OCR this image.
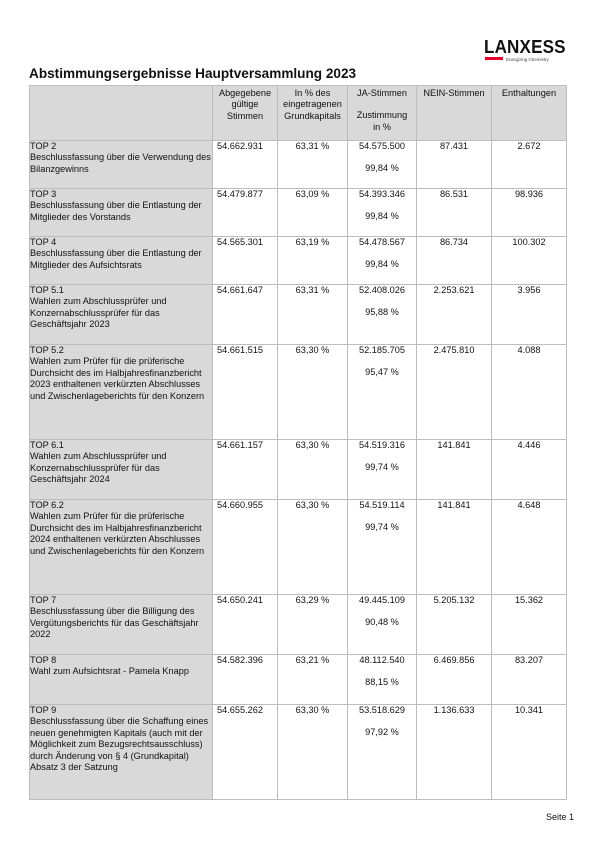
LANXESS
Energizing Chemistry
Abstimmungsergebnisse Hauptversammlung 2023

	Abgegebene
gültige
Stimmen	In % des
eingetragenen
Grundkapitals	JA-Stimmen
Zustimmung
in %	NEIN-Stimmen	Enthaltungen

TOP 2
Beschlussfassung über die Verwendung des Bilanzgewinns	54.662.931	63,31 %	54.575.500
99,84 %	87.431	2.672

TOP 3
Beschlussfassung über die Entlastung der Mitglieder des Vorstands	54.479.877	63,09 %	54.393.346
99,84 %	86.531	98.936

TOP 4
Beschlussfassung über die Entlastung der Mitglieder des Aufsichtsrats	54.565.301	63,19 %	54.478.567
99,84 %	86.734	100.302

TOP 5.1
Wahlen zum Abschlussprüfer und Konzernabschlussprüfer für das Geschäftsjahr 2023	54.661.647	63,31 %	52.408.026
95,88 %	2.253.621	3.956

TOP 5.2
Wahlen zum Prüfer für die prüferische Durchsicht des im Halbjahresfinanzbericht 2023 enthaltenen verkürzten Abschlusses und Zwischenlageberichts für den Konzern	54.661.515	63,30 %	52.185.705
95,47 %	2.475.810	4.088

TOP 6.1
Wahlen zum Abschlussprüfer und Konzernabschlussprüfer für das Geschäftsjahr 2024	54.661.157	63,30 %	54.519.316
99,74 %	141.841	4.446

TOP 6.2
Wahlen zum Prüfer für die prüferische Durchsicht des im Halbjahresfinanzbericht 2024 enthaltenen verkürzten Abschlusses und Zwischenlageberichts für den Konzern	54.660.955	63,30 %	54.519.114
99,74 %	141.841	4.648

TOP 7
Beschlussfassung über die Billigung des Vergütungsberichts für das Geschäftsjahr 2022	54.650.241	63,29 %	49.445.109
90,48 %	5.205.132	15.362

TOP 8
Wahl zum Aufsichtsrat - Pamela Knapp	54.582.396	63,21 %	48.112.540
88,15 %	6.469.856	83.207

TOP 9
Beschlussfassung über die Schaffung eines neuen genehmigten Kapitals (auch mit der Möglichkeit zum Bezugsrechtsausschluss) durch Änderung von § 4 (Grundkapital) Absatz 3 der Satzung	54.655.262	63,30 %	53.518.629
97,92 %	1.136.633	10.341
Seite 1
